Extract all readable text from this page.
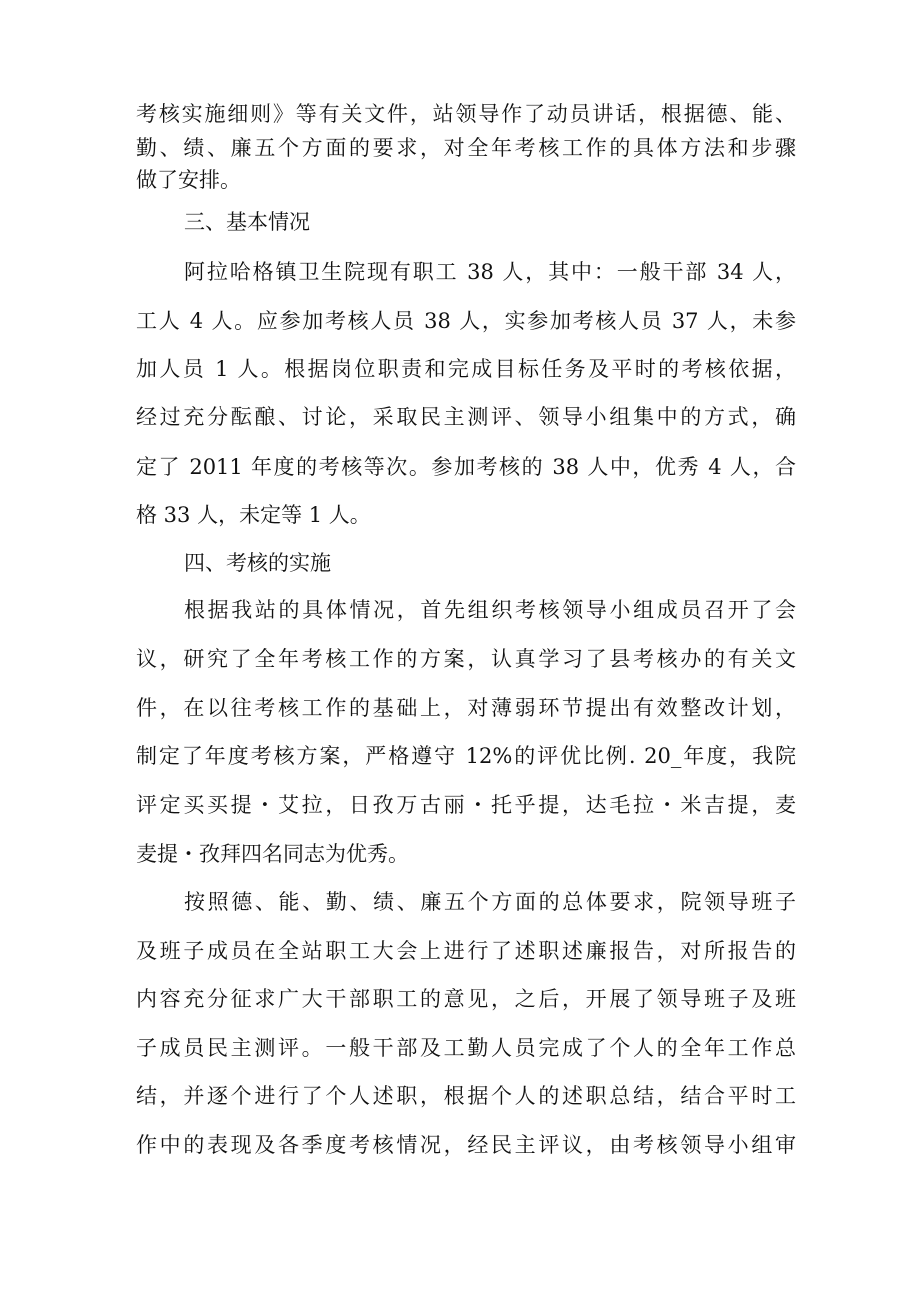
考核实施细则》等有关文件，站领导作了动员讲话，根据德、能、
勤、绩、廉五个方面的要求，对全年考核工作的具体方法和步骤
做了安排。
三、基本情况
阿拉哈格镇卫生院现有职工 38 人，其中：一般干部 34 人，
工人 4 人。应参加考核人员 38 人，实参加考核人员 37 人，未参
加人员 1 人。根据岗位职责和完成目标任务及平时的考核依据，
经过充分酝酿、讨论，采取民主测评、领导小组集中的方式，确
定了 2011 年度的考核等次。参加考核的 38 人中，优秀 4 人，合
格 33 人，未定等 1 人。
四、考核的实施
根据我站的具体情况，首先组织考核领导小组成员召开了会
议，研究了全年考核工作的方案，认真学习了县考核办的有关文
件，在以往考核工作的基础上，对薄弱环节提出有效整改计划，
制定了年度考核方案，严格遵守 12%的评优比例. 20_年度，我院
评定买买提・艾拉，日孜万古丽・托乎提，达毛拉・米吉提，麦
麦提・孜拜四名同志为优秀。
按照德、能、勤、绩、廉五个方面的总体要求，院领导班子
及班子成员在全站职工大会上进行了述职述廉报告，对所报告的
内容充分征求广大干部职工的意见，之后，开展了领导班子及班
子成员民主测评。一般干部及工勤人员完成了个人的全年工作总
结，并逐个进行了个人述职，根据个人的述职总结，结合平时工
作中的表现及各季度考核情况，经民主评议，由考核领导小组审
